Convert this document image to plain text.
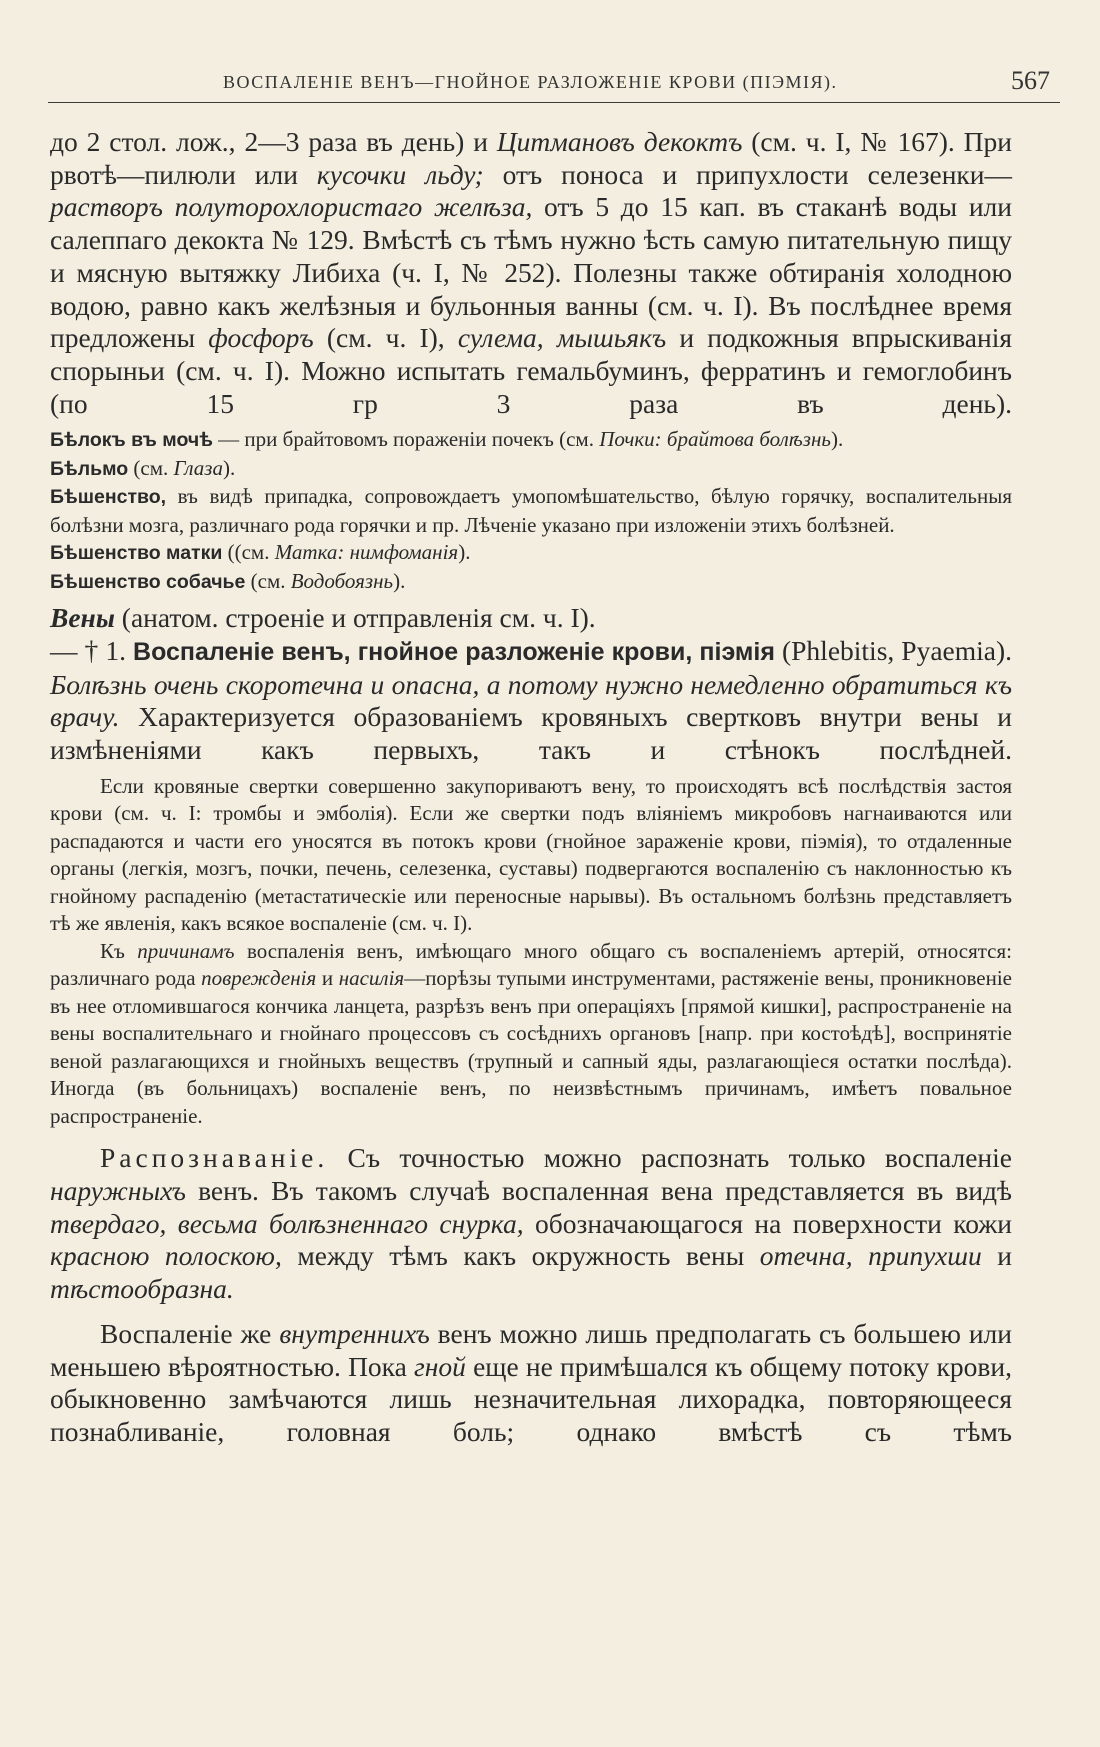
ВОСПАЛЕНІЕ ВЕНЪ—ГНОЙНОЕ РАЗЛОЖЕНІЕ КРОВИ (ПІЭМІЯ).	567

до 2 стол. лож., 2—3 раза въ день) и Цитмановъ декоктъ (см. ч. I, № 167). При рвотѣ—пилюли или кусочки льду; отъ поноса и припухлости селезенки—растворъ полуторохлористаго желѣза, отъ 5 до 15 кап. въ стаканѣ воды или салеппаго декокта № 129. Вмѣстѣ съ тѣмъ нужно ѣсть самую питательную пищу и мясную вытяжку Либиха (ч. I, № 252). Полезны также обтиранія холодною водою, равно какъ желѣзныя и бульонныя ванны (см. ч. I). Въ послѣднее время предложены фосфоръ (см. ч. I), сулема, мышьякъ и подкожныя впрыскиванія спорыньи (см. ч. I). Можно испытать гемальбуминъ, ферратинъ и гемоглобинъ (по 15 гр 3 раза въ день).

Бѣлокъ въ мочѣ — при брайтовомъ пораженіи почекъ (см. Почки: брайтова болѣзнь).

Бѣльмо (см. Глаза).

Бѣшенство, въ видѣ припадка, сопровождаетъ умопомѣшательство, бѣлую горячку, воспалительныя болѣзни мозга, различнаго рода горячки и пр. Лѣченіе указано при изложеніи этихъ болѣзней.

Бѣшенство матки ((см. Матка: нимфоманія).

Бѣшенство собачье (см. Водобоязнь).

Вены (анатом. строеніе и отправленія см. ч. I).

— † 1. Воспаленіе венъ, гнойное разложеніе крови, піэмія (Phlebitis, Pyaemia). Болѣзнь очень скоротечна и опасна, а потому нужно немедленно обратиться къ врачу. Характеризуется образованіемъ кровяныхъ свертковъ внутри вены и измѣненіями какъ первыхъ, такъ и стѣнокъ послѣдней.

Если кровяные свертки совершенно закупориваютъ вену, то происходятъ всѣ послѣдствія застоя крови (см. ч. I: тромбы и эмболія). Если же свертки подъ вліяніемъ микробовъ нагнаиваются или распадаются и части его уносятся въ потокъ крови (гнойное зараженіе крови, піэмія), то отдаленные органы (легкія, мозгъ, почки, печень, селезенка, суставы) подвергаются воспаленію съ наклонностью къ гнойному распаденію (метастатическіе или переносные нарывы). Въ остальномъ болѣзнь представляетъ тѣ же явленія, какъ всякое воспаленіе (см. ч. I).

Къ причинамъ воспаленія венъ, имѣющаго много общаго съ воспаленіемъ артерій, относятся: различнаго рода поврежденія и насилія—порѣзы тупыми инструментами, растяженіе вены, проникновеніе въ нее отломившагося кончика ланцета, разрѣзъ венъ при операціяхъ [прямой кишки], распространеніе на вены воспалительнаго и гнойнаго процессовъ съ сосѣднихъ органовъ [напр. при костоѣдѣ], воспринятіе веной разлагающихся и гнойныхъ веществъ (трупный и сапный яды, разлагающіеся остатки послѣда). Иногда (въ больницахъ) воспаленіе венъ, по неизвѣстнымъ причинамъ, имѣетъ повальное распространеніе.

Распознаваніе. Съ точностью можно распознать только воспаленіе наружныхъ венъ. Въ такомъ случаѣ воспаленная вена представляется въ видѣ твердаго, весьма болѣзненнаго снурка, обозначающагося на поверхности кожи красною полоскою, между тѣмъ какъ окружность вены отечна, припухши и тѣстообразна.

Воспаленіе же внутреннихъ венъ можно лишь предполагать съ большею или меньшею вѣроятностью. Пока гной еще не примѣшался къ общему потоку крови, обыкновенно замѣчаются лишь незначительная лихорадка, повторяющееся познабливаніе, головная боль; однако вмѣстѣ съ тѣмъ
